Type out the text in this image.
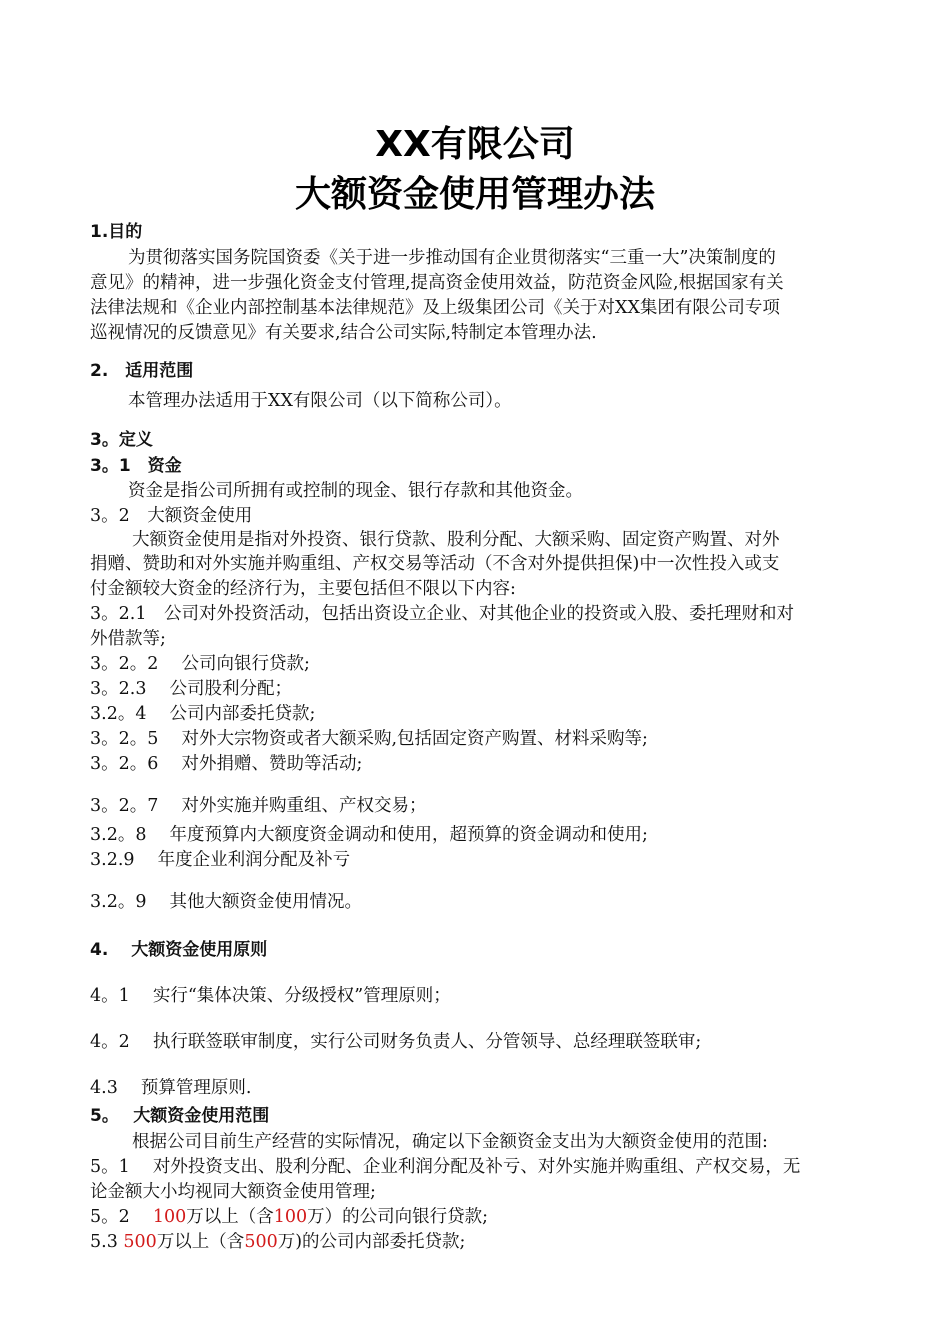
XX有限公司
大额资金使用管理办法
1.目的
为贯彻落实国务院国资委《关于进一步推动国有企业贯彻落实“三重一大”决策制度的
意见》的精神，进一步强化资金支付管理,提高资金使用效益，防范资金风险,根据国家有关
法律法规和《企业内部控制基本法律规范》及上级集团公司《关于对XX集团有限公司专项
巡视情况的反馈意见》有关要求,结合公司实际,特制定本管理办法.
2.　适用范围
本管理办法适用于XX有限公司（以下简称公司）。
3。定义
3。1　资金
资金是指公司所拥有或控制的现金、银行存款和其他资金。
3。2　大额资金使用
大额资金使用是指对外投资、银行贷款、股利分配、大额采购、固定资产购置、对外
捐赠、赞助和对外实施并购重组、产权交易等活动（不含对外提供担保)中一次性投入或支
付金额较大资金的经济行为，主要包括但不限以下内容:
3。2.1　公司对外投资活动，包括出资设立企业、对其他企业的投资或入股、委托理财和对
外借款等;
3。2。2　 公司向银行贷款;
3。2.3　 公司股利分配；
3.2。4　 公司内部委托贷款;
3。2。5　 对外大宗物资或者大额采购,包括固定资产购置、材料采购等;
3。2。6　 对外捐赠、赞助等活动;
3。2。7　 对外实施并购重组、产权交易；
3.2。8　 年度预算内大额度资金调动和使用，超预算的资金调动和使用;
3.2.9　 年度企业利润分配及补亏
3.2。9　 其他大额资金使用情况。
4.　 大额资金使用原则
4。1　 实行“集体决策、分级授权”管理原则；
4。2　 执行联签联审制度，实行公司财务负责人、分管领导、总经理联签联审;
4.3　 预算管理原则.
5。　 大额资金使用范围
根据公司目前生产经营的实际情况，确定以下金额资金支出为大额资金使用的范围:
5。1　 对外投资支出、股利分配、企业利润分配及补亏、对外实施并购重组、产权交易，无
论金额大小均视同大额资金使用管理;
5。2　 100万以上（含100万）的公司向银行贷款;
5.3 500万以上（含500万)的公司内部委托贷款;
